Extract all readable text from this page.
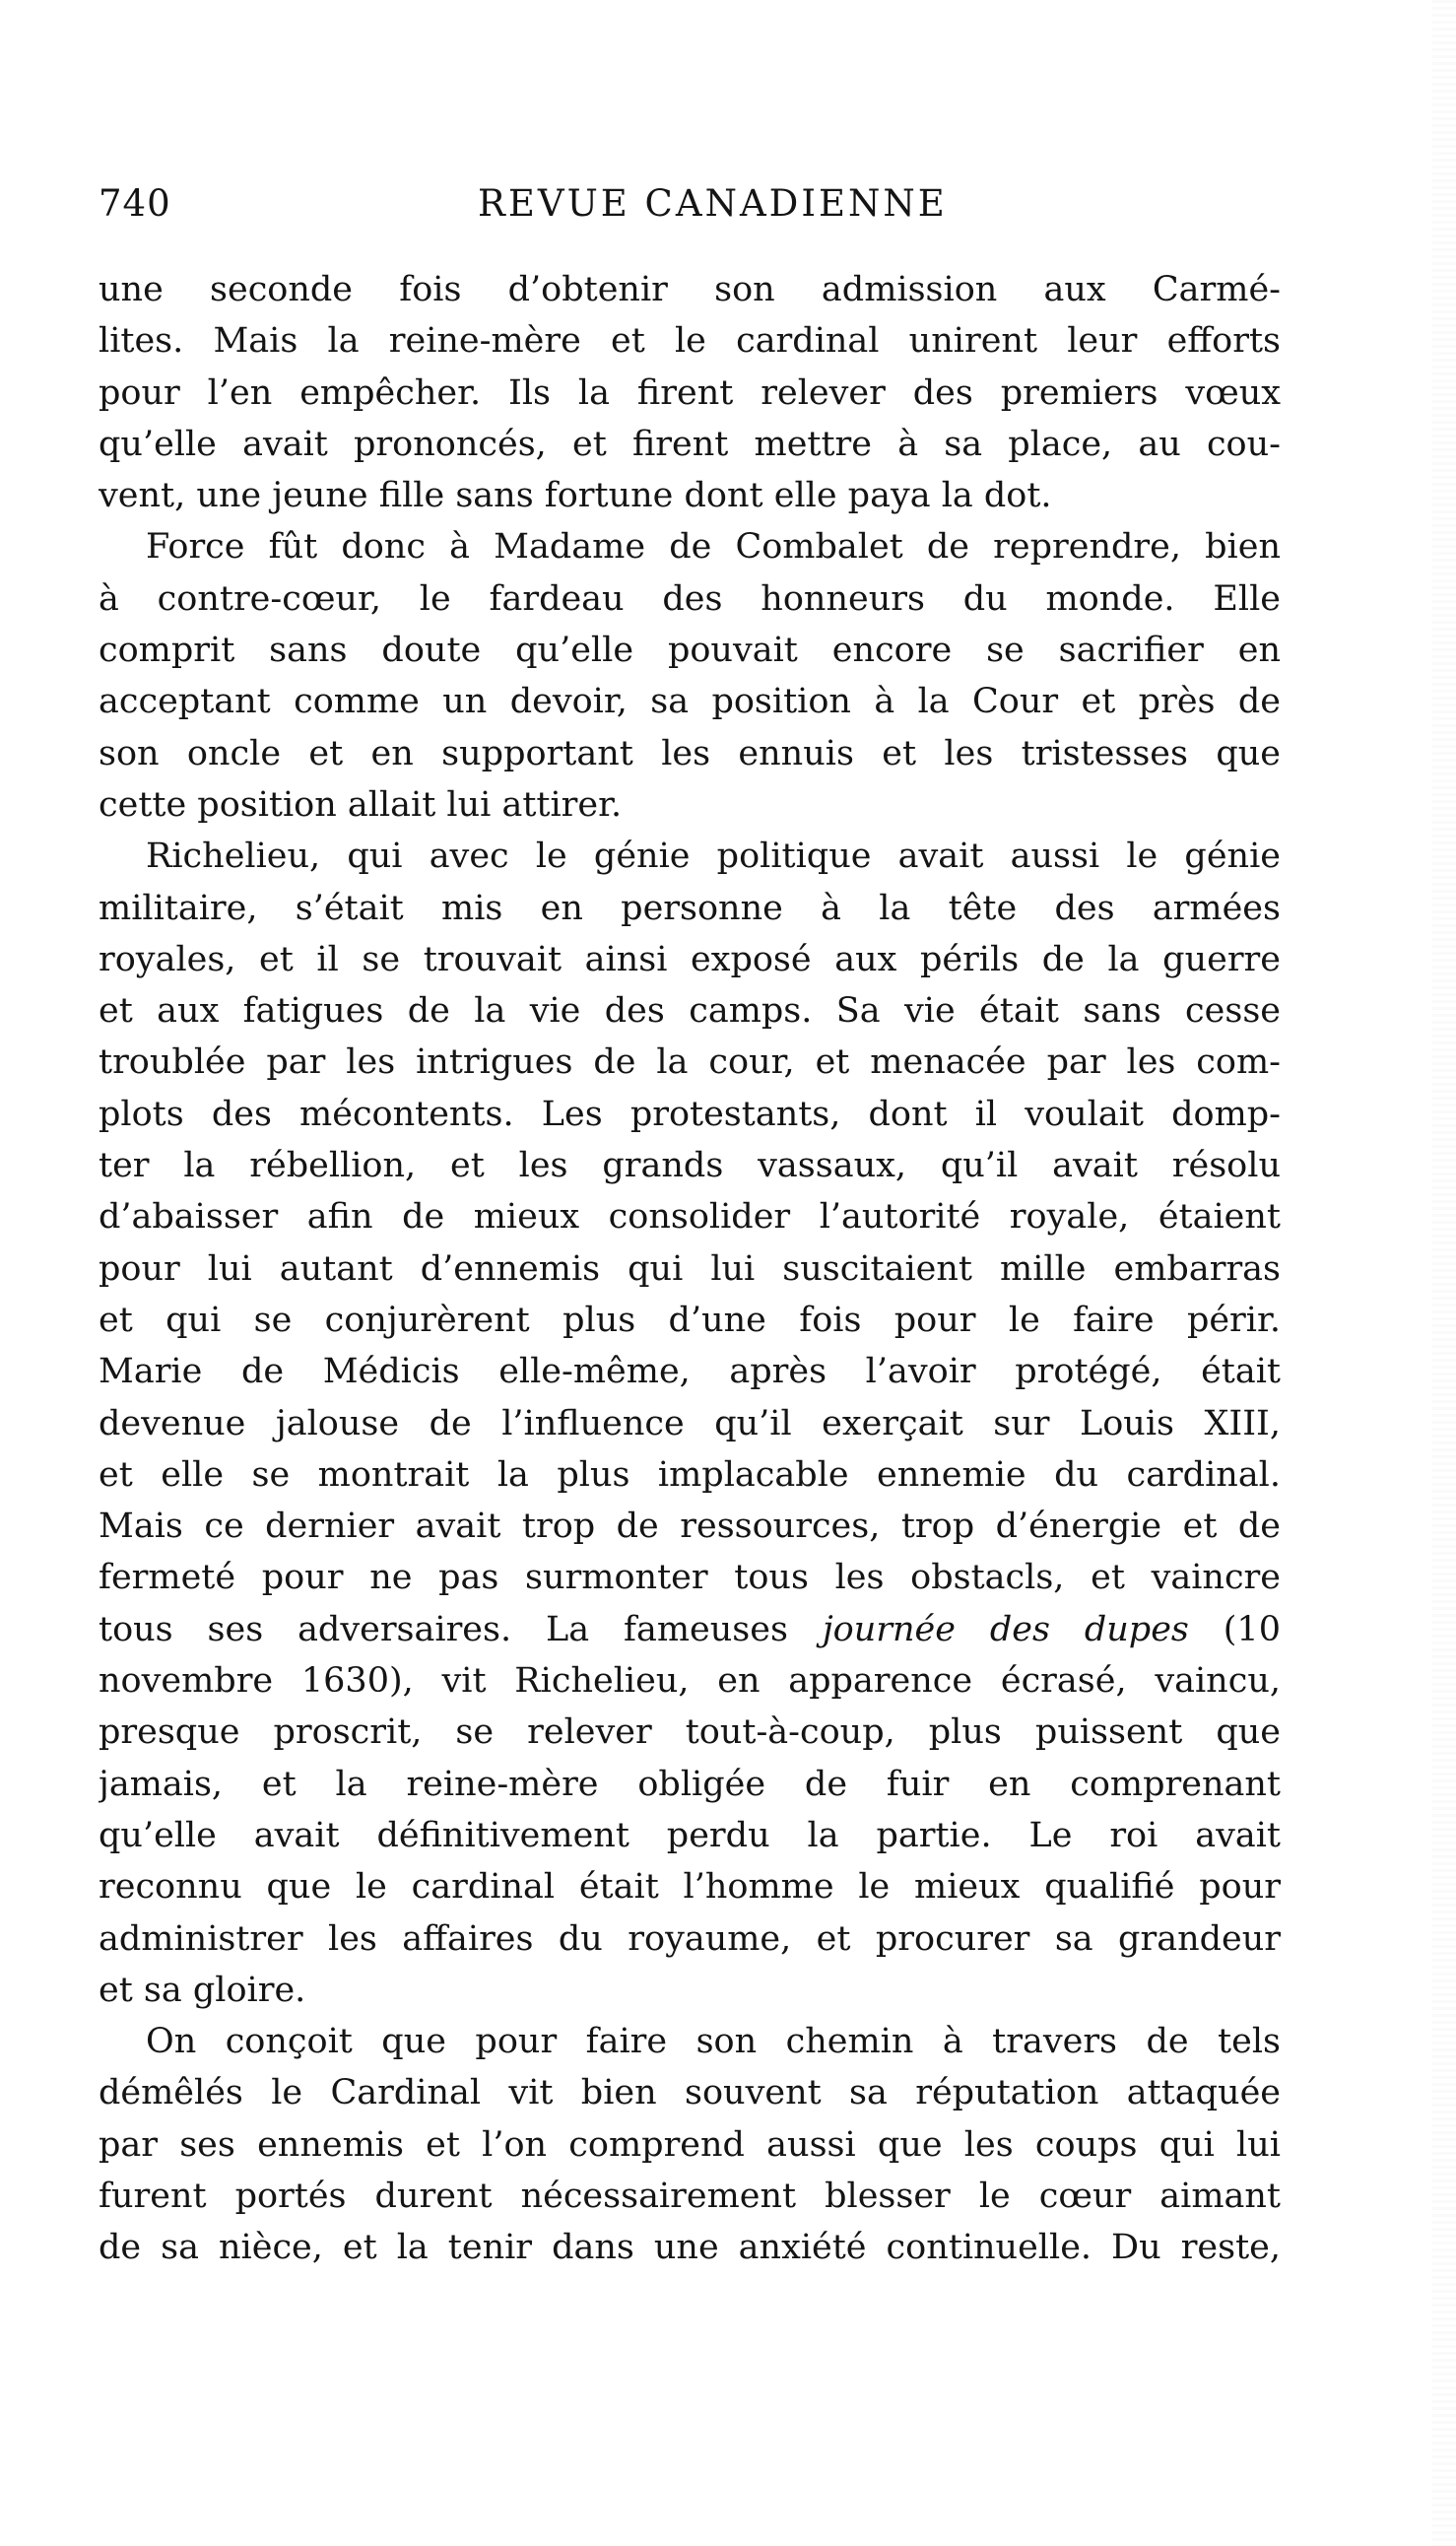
740	REVUE CANADIENNE
une seconde fois d’obtenir son admission aux Carmé-
lites. Mais la reine-mère et le cardinal unirent leur efforts
pour l’en empêcher. Ils la firent relever des premiers vœux
qu’elle avait prononcés, et firent mettre à sa place, au cou-
vent, une jeune fille sans fortune dont elle paya la dot.
Force fût donc à Madame de Combalet de reprendre, bien
à contre-cœur, le fardeau des honneurs du monde. Elle
comprit sans doute qu’elle pouvait encore se sacrifier en
acceptant comme un devoir, sa position à la Cour et près de
son oncle et en supportant les ennuis et les tristesses que
cette position allait lui attirer.
Richelieu, qui avec le génie politique avait aussi le génie
militaire, s’était mis en personne à la tête des armées
royales, et il se trouvait ainsi exposé aux périls de la guerre
et aux fatigues de la vie des camps. Sa vie était sans cesse
troublée par les intrigues de la cour, et menacée par les com-
plots des mécontents. Les protestants, dont il voulait domp-
ter la rébellion, et les grands vassaux, qu’il avait résolu
d’abaisser afin de mieux consolider l’autorité royale, étaient
pour lui autant d’ennemis qui lui suscitaient mille embarras
et qui se conjurèrent plus d’une fois pour le faire périr.
Marie de Médicis elle-même, après l’avoir protégé, était
devenue jalouse de l’influence qu’il exerçait sur Louis XIII,
et elle se montrait la plus implacable ennemie du cardinal.
Mais ce dernier avait trop de ressources, trop d’énergie et de
fermeté pour ne pas surmonter tous les obstacls, et vaincre
tous ses adversaires. La fameuses journée des dupes (10
novembre 1630), vit Richelieu, en apparence écrasé, vaincu,
presque proscrit, se relever tout-à-coup, plus puissent que
jamais, et la reine-mère obligée de fuir en comprenant
qu’elle avait définitivement perdu la partie. Le roi avait
reconnu que le cardinal était l’homme le mieux qualifié pour
administrer les affaires du royaume, et procurer sa grandeur
et sa gloire.
On conçoit que pour faire son chemin à travers de tels
démêlés le Cardinal vit bien souvent sa réputation attaquée
par ses ennemis et l’on comprend aussi que les coups qui lui
furent portés durent nécessairement blesser le cœur aimant
de sa nièce, et la tenir dans une anxiété continuelle. Du reste,
